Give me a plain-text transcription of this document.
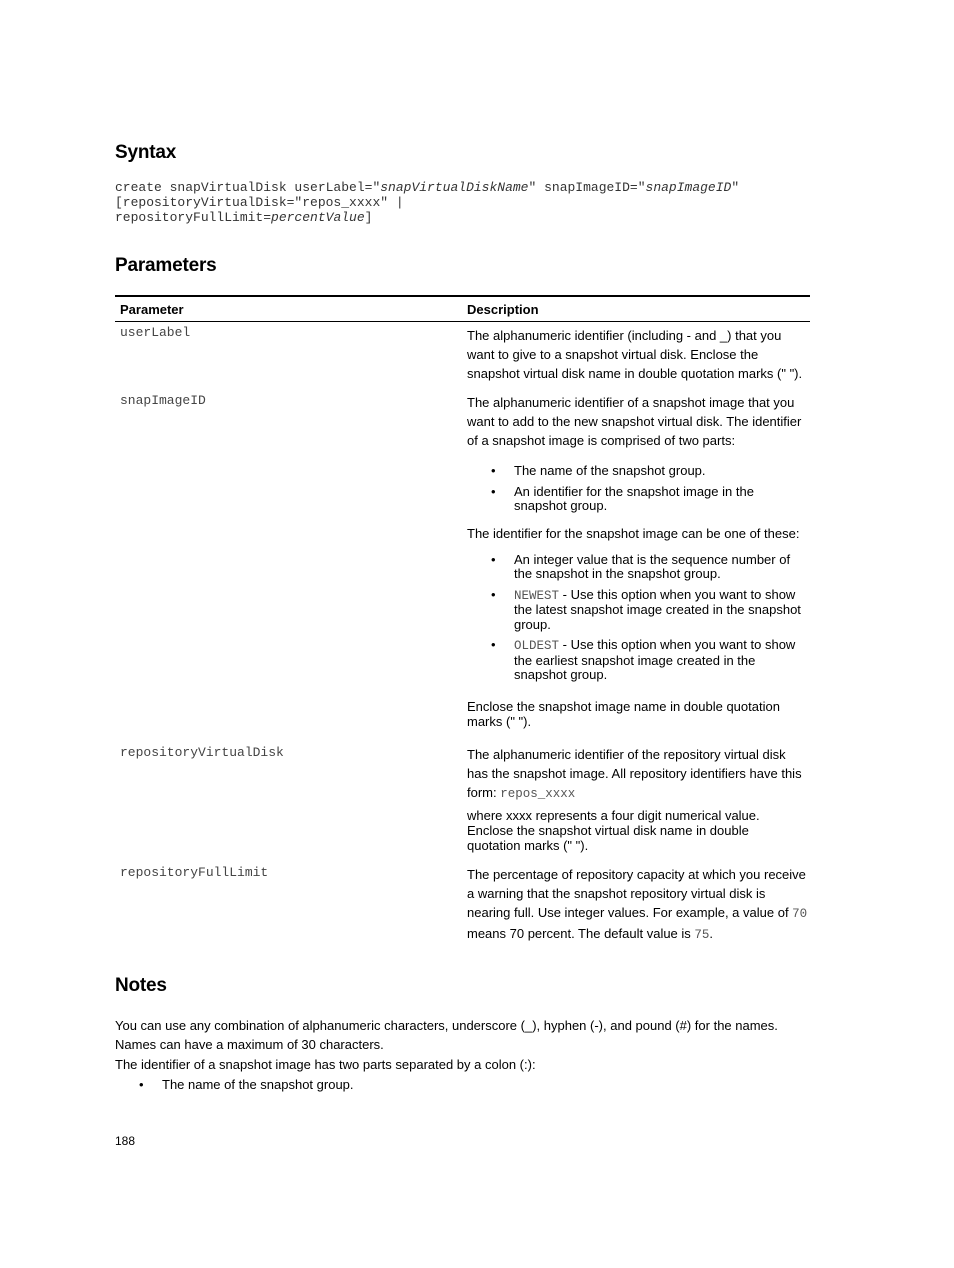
Syntax
create snapVirtualDisk userLabel="snapVirtualDiskName" snapImageID="snapImageID"
[repositoryVirtualDisk="repos_xxxx" |
repositoryFullLimit=percentValue]
Parameters
Parameter	Description
userLabel	The alphanumeric identifier (including - and _) that you want to give to a snapshot virtual disk. Enclose the snapshot virtual disk name in double quotation marks (" ").

snapImageID	The alphanumeric identifier of a snapshot image that you want to add to the new snapshot virtual disk. The identifier of a snapshot image is comprised of two parts:

• The name of the snapshot group.
• An identifier for the snapshot image in the snapshot group.

The identifier for the snapshot image can be one of these:

• An integer value that is the sequence number of the snapshot in the snapshot group.
• NEWEST - Use this option when you want to show the latest snapshot image created in the snapshot group.
• OLDEST - Use this option when you want to show the earliest snapshot image created in the snapshot group.

Enclose the snapshot image name in double quotation marks (" ").

repositoryVirtualDisk	The alphanumeric identifier of the repository virtual disk has the snapshot image. All repository identifiers have this form: repos_xxxx

where xxxx represents a four digit numerical value. Enclose the snapshot virtual disk name in double quotation marks (" ").

repositoryFullLimit	The percentage of repository capacity at which you receive a warning that the snapshot repository virtual disk is nearing full. Use integer values. For example, a value of 70 means 70 percent. The default value is 75.

Notes
You can use any combination of alphanumeric characters, underscore (_), hyphen (-), and pound (#) for the names. Names can have a maximum of 30 characters.
The identifier of a snapshot image has two parts separated by a colon (:):
• The name of the snapshot group.
188
